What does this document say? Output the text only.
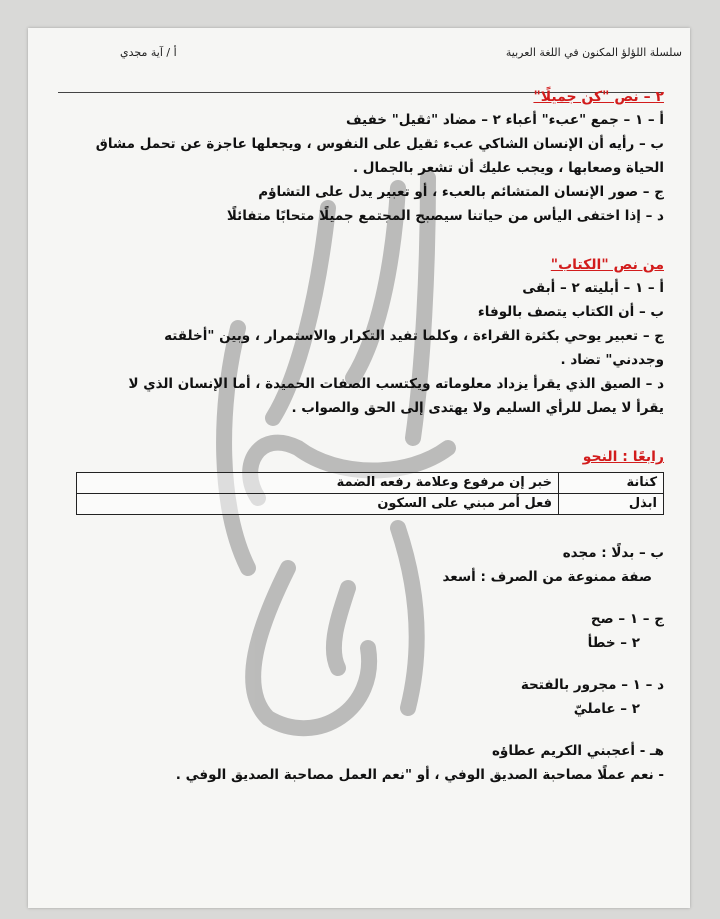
سلسلة اللؤلؤ المكنون في اللغة العربية
أ / آية مجدي

٢ – نص "كن جميلًا"

أ – ١ – جمع "عبء" أعباء ٢ – مضاد "ثقيل" خفيف

ب – رأيه أن الإنسان الشاكي عبء ثقيل على النفوس ، ويجعلها عاجزة عن تحمل مشاق

الحياة وصعابها ، ويجب عليك أن تشعر بالجمال .

ج – صور الإنسان المتشائم بالعبء ، أو تعبير يدل على التشاؤم

د – إذا اختفى اليأس من حياتنا سيصبح المجتمع جميلًا متحابًا متفائلًا

من نص "الكتاب"

أ – ١ – أبليته ٢ – أبقى

ب – أن الكتاب يتصف بالوفاء

ج – تعبير يوحي بكثرة القراءة ، وكلما تفيد التكرار والاستمرار ، وبين "أخلقته

وجددني" تضاد .

د – الصيق الذي يقرأ يزداد معلوماته ويكتسب الصفات الحميدة ، أما الإنسان الذي لا

يقرأ لا يصل للرأي السليم ولا يهتدى إلى الحق والصواب .

رابعًا : النحو

كنانة	خبر إن مرفوع وعلامة رفعه الضمة
ابذل	فعل أمر مبني على السكون

ب – بدلًا : مجده

صفة ممنوعة من الصرف : أسعد

ج – ١ – صح

٢ – خطأ

د – ١ – مجرور بالفتحة

٢ – عامليّ

هـ - أعجبني الكريم عطاؤه

- نعم عملًا مصاحبة الصديق الوفي ، أو "نعم العمل مصاحبة الصديق الوفي .
